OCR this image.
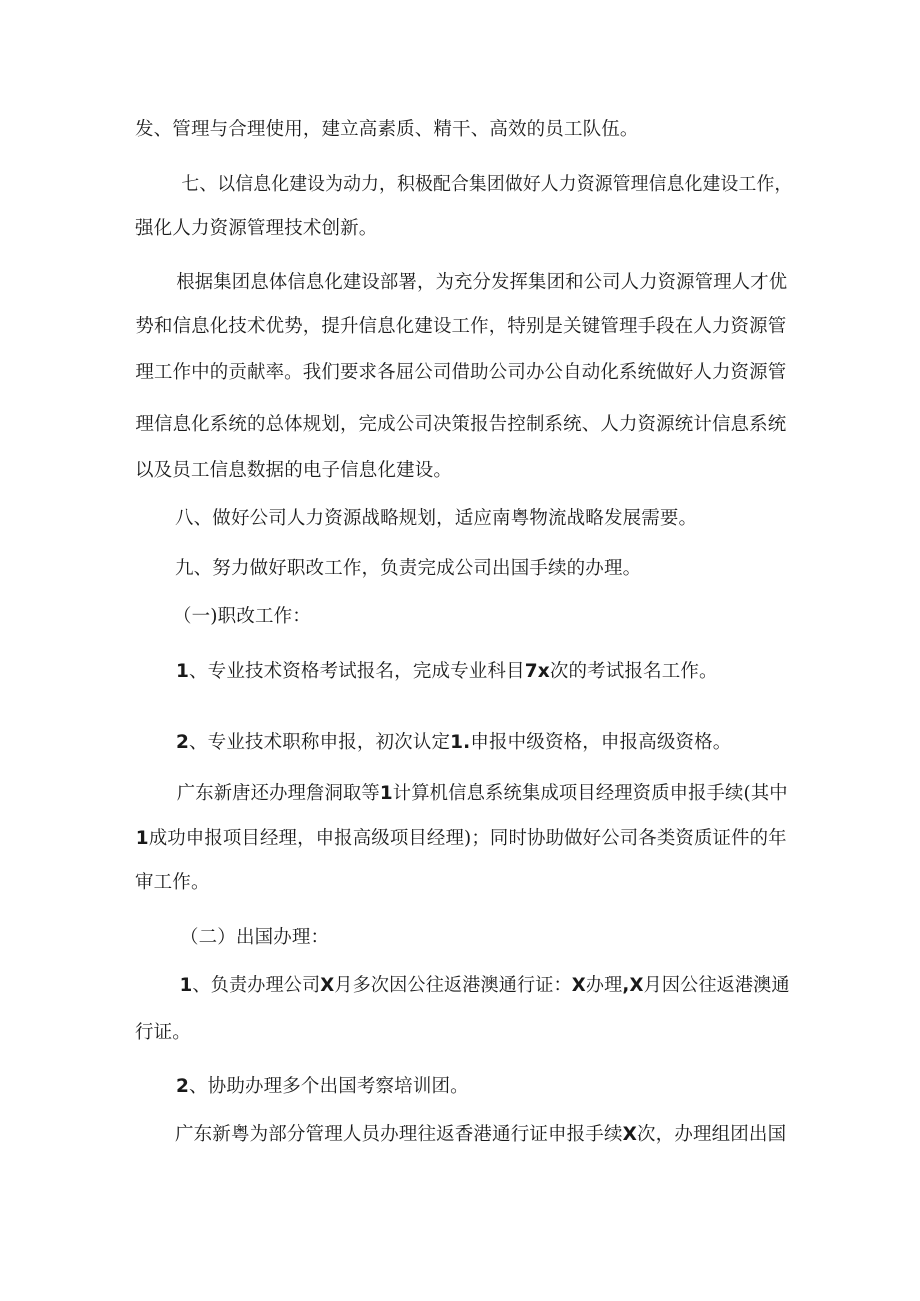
发、管理与合理使用，建立高素质、精干、高效的员工队伍。
七、以信息化建设为动力，积极配合集团做好人力资源管理信息化建设工作，
强化人力资源管理技术创新。
根据集团息体信息化建设部署，为充分发挥集团和公司人力资源管理人才优
势和信息化技术优势，提升信息化建设工作，特别是关键管理手段在人力资源管
理工作中的贡献率。我们要求各屈公司借助公司办公自动化系统做好人力资源管
理信息化系统的总体规划，完成公司决策报告控制系统、人力资源统计信息系统
以及员工信息数据的电子信息化建设。
八、做好公司人力资源战略规划，适应南粤物流战略发展需要。
九、努力做好职改工作，负责完成公司出国手续的办理。
（一)职改工作：
1、专业技术资格考试报名，完成专业科目7x次的考试报名工作。
2、专业技术职称申报，初次认定1.申报中级资格，申报高级资格。
广东新唐还办理詹洞取等1计算机信息系统集成项目经理资质申报手续(其中
1成功申报项目经理，申报高级项目经理)；同时协助做好公司各类资质证件的年
审工作。
（二）出国办理：
1、负责办理公司X月多次因公往返港澳通行证：X办理,X月因公往返港澳通
行证。
2、协助办理多个出国考察培训团。
广东新粤为部分管理人员办理往返香港通行证申报手续X次，办理组团出国
